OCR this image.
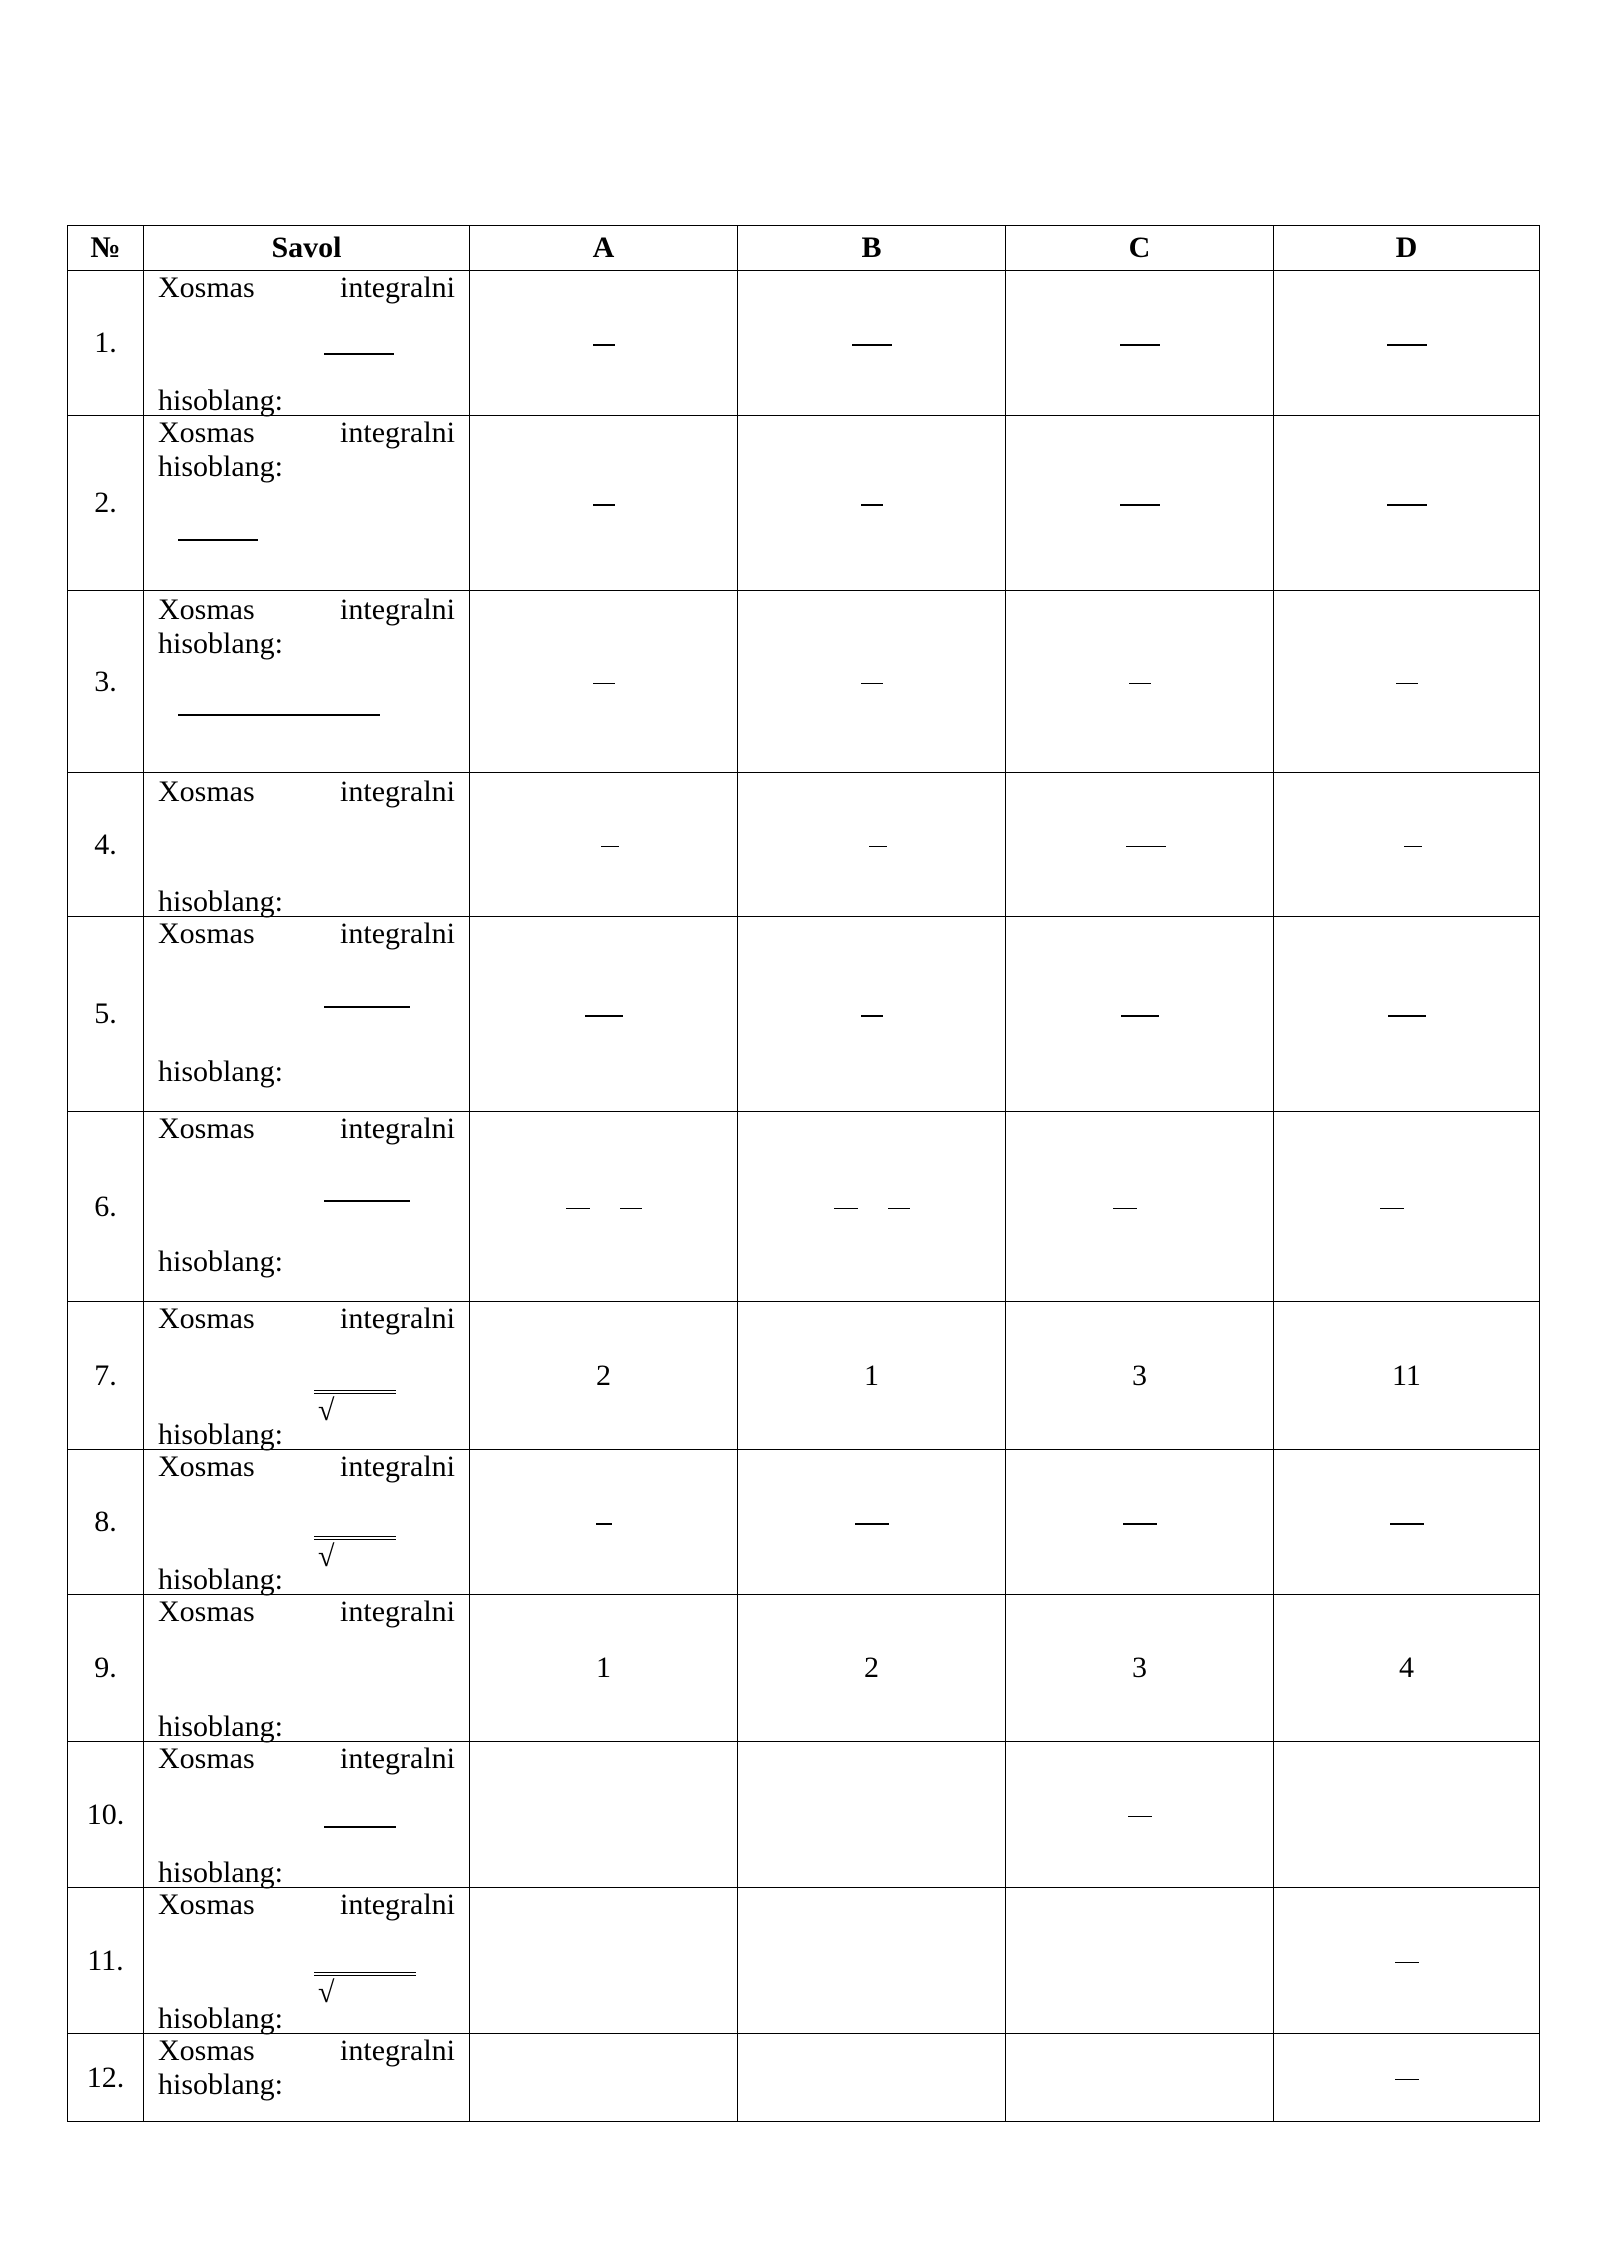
№	Savol	A	B	C	D
1.	Xosmas integralni
hisoblang:				

2.	Xosmas integralni
hisoblang:				

3.	Xosmas integralni
hisoblang:				

4.	Xosmas integralni
hisoblang:				

5.	Xosmas integralni
hisoblang:				

6.	Xosmas integralni
hisoblang:				

7.	Xosmas integralni
√
hisoblang:	2	1	3	11
8.	Xosmas integralni
√
hisoblang:				

9.	Xosmas integralni
hisoblang:	1	2	3	4
10.	Xosmas integralni
hisoblang:				

11.	Xosmas integralni
√
hisoblang:				

12.	Xosmas integralni
hisoblang:				
